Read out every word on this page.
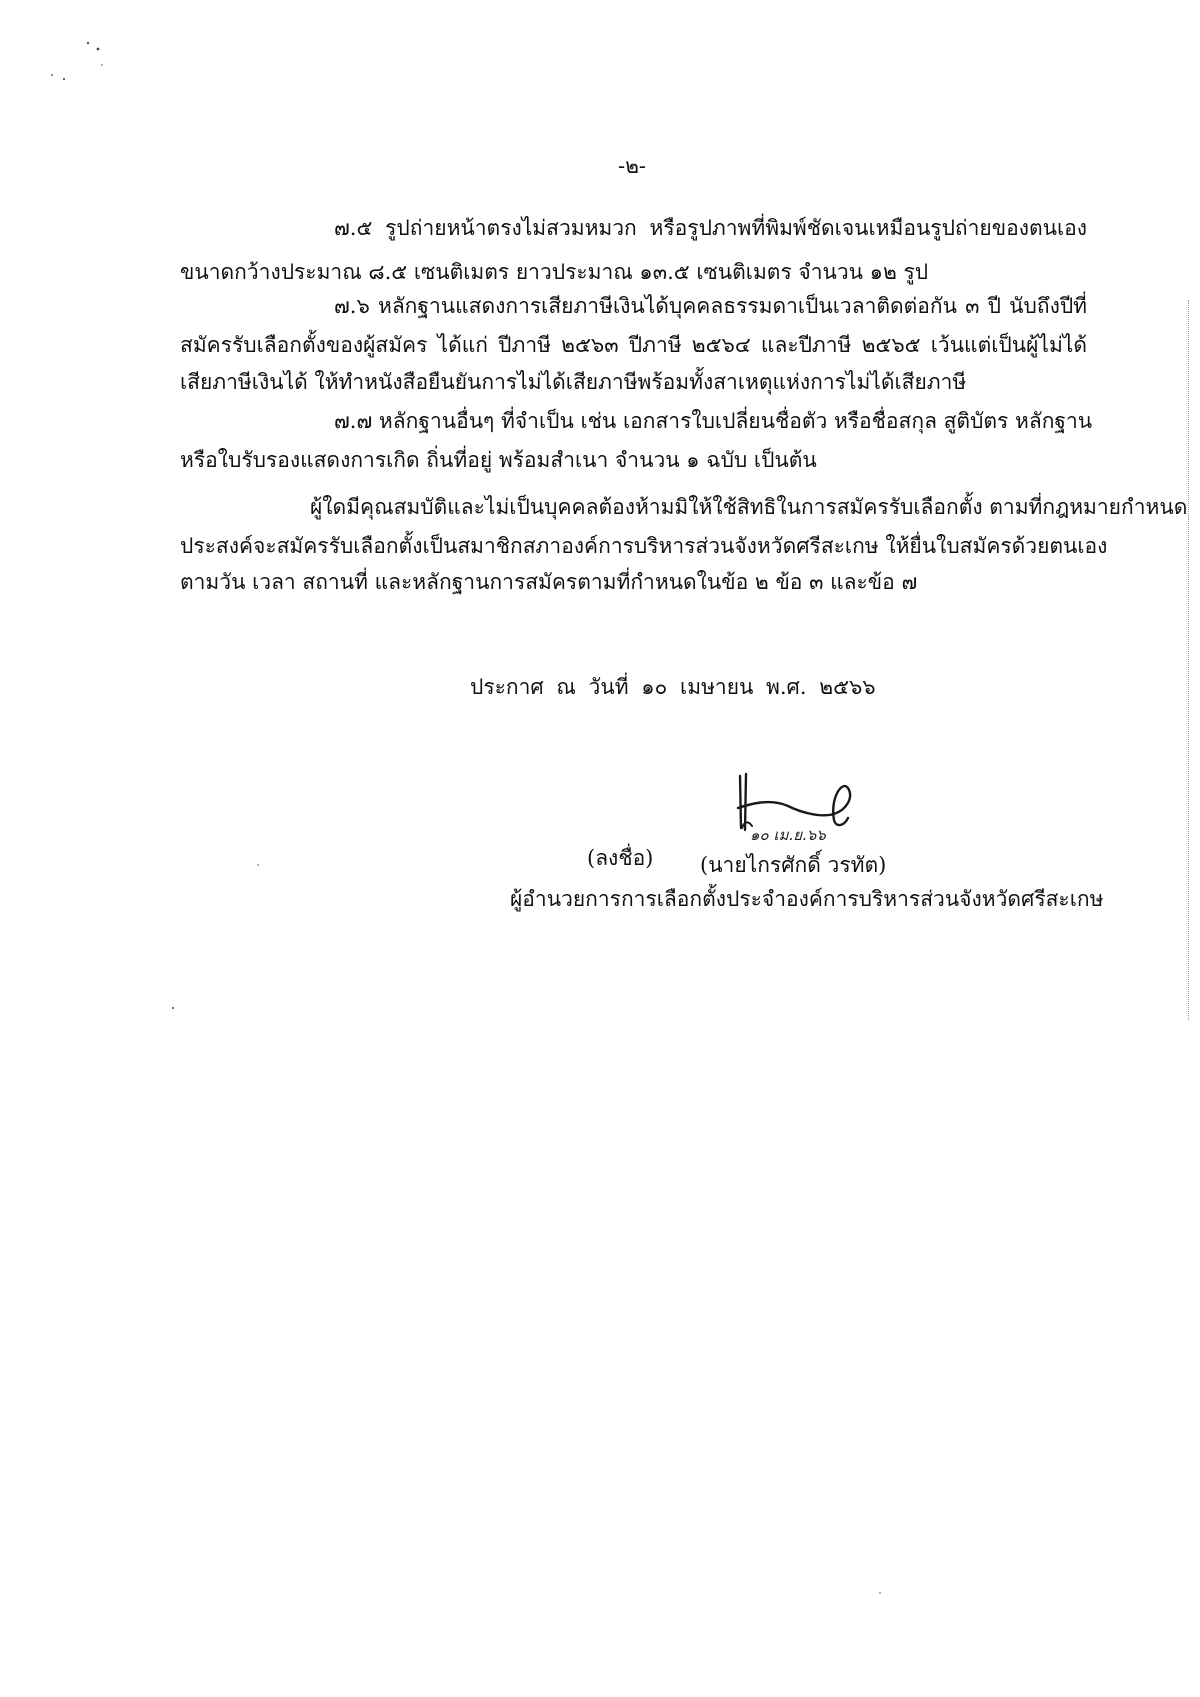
-๒-
๗.๕ รูปถ่ายหน้าตรงไม่สวมหมวก หรือรูปภาพที่พิมพ์ชัดเจนเหมือนรูปถ่ายของตนเอง
ขนาดกว้างประมาณ ๘.๕ เซนติเมตร ยาวประมาณ ๑๓.๕ เซนติเมตร จำนวน ๑๒ รูป
๗.๖ หลักฐานแสดงการเสียภาษีเงินได้บุคคลธรรมดาเป็นเวลาติดต่อกัน ๓ ปี นับถึงปีที่
สมัครรับเลือกตั้งของผู้สมัคร ได้แก่ ปีภาษี ๒๕๖๓ ปีภาษี ๒๕๖๔ และปีภาษี ๒๕๖๕ เว้นแต่เป็นผู้ไม่ได้
เสียภาษีเงินได้ ให้ทำหนังสือยืนยันการไม่ได้เสียภาษีพร้อมทั้งสาเหตุแห่งการไม่ได้เสียภาษี
๗.๗ หลักฐานอื่นๆ ที่จำเป็น เช่น เอกสารใบเปลี่ยนชื่อตัว หรือชื่อสกุล สูติบัตร หลักฐาน
หรือใบรับรองแสดงการเกิด ถิ่นที่อยู่ พร้อมสำเนา จำนวน ๑ ฉบับ เป็นต้น
ผู้ใดมีคุณสมบัติและไม่เป็นบุคคลต้องห้ามมิให้ใช้สิทธิในการสมัครรับเลือกตั้ง ตามที่กฎหมายกำหนด
ประสงค์จะสมัครรับเลือกตั้งเป็นสมาชิกสภาองค์การบริหารส่วนจังหวัดศรีสะเกษ ให้ยื่นใบสมัครด้วยตนเอง
ตามวัน เวลา สถานที่ และหลักฐานการสมัครตามที่กำหนดในข้อ ๒ ข้อ ๓ และข้อ ๗
ประกาศ ณ วันที่ ๑๐ เมษายน พ.ศ. ๒๕๖๖
(ลงชื่อ)
๑๐ เม.ย.๖๖
(นายไกรศักดิ์ วรทัต)
ผู้อำนวยการการเลือกตั้งประจำองค์การบริหารส่วนจังหวัดศรีสะเกษ
